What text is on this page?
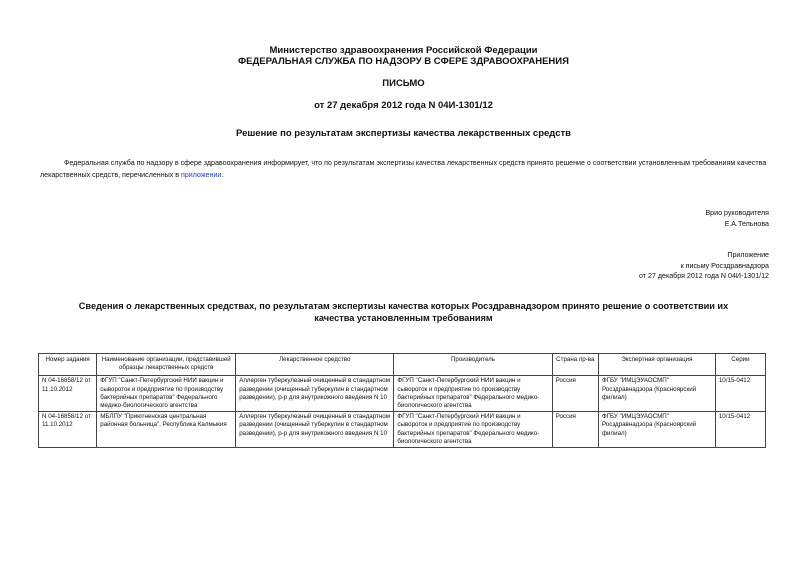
Министерство здравоохранения Российской Федерации
ФЕДЕРАЛЬНАЯ СЛУЖБА ПО НАДЗОРУ В СФЕРЕ ЗДРАВООХРАНЕНИЯ
ПИСЬМО
от 27 декабря 2012 года N 04И-1301/12
Решение по результатам экспертизы качества лекарственных средств
Федеральная служба по надзору в сфере здравоохранения информирует, что по результатам экспертизы качества лекарственных средств принято решение о соответствии установленным требованиям качества лекарственных средств, перечисленных в приложении.
Врио руководителя
Е.А.Тельнова
Приложение
к письму Росздравнадзора
от 27 декабря 2012 года N 04И-1301/12
Сведения о лекарственных средствах, по результатам экспертизы качества которых Росздравнадзором принято решение о соответствии их качества установленным требованиям
Номер задания	Наименование организации, представившей образцы лекарственных средств	Лекарственное средство	Производитель	Страна пр-ва	Экспертная организация	Серии
N 04-16858/12 от 11.10.2012	ФГУП "Санкт-Петербургский НИИ вакцин и сывороток и предприятие по производству бактерийных препаратов" Федерального медико-биологического агентства	Аллерген туберкулезный очищенный в стандартном разведении (очищенный туберкулин в стандартном разведении), р-р для внутрикожного введения N 10	ФГУП "Санкт-Петербургский НИИ вакцин и сывороток и предприятие по производству бактерийных препаратов" Федерального медико-биологического агентства	Россия	ФГБУ "ИМЦЭУАОСМП" Росздравнадзора (Красноярский филиал)	10/15-0412
N 04-16858/12 от 11.10.2012	МБЛПУ "Приютненская центральная районная больница", Республика Калмыкия	Аллерген туберкулезный очищенный в стандартном разведении (очищенный туберкулин в стандартном разведении), р-р для внутрикожного введения N 10	ФГУП "Санкт-Петербургский НИИ вакцин и сывороток и предприятие по производству бактерийных препаратов" Федерального медико-биологического агентства	Россия	ФГБУ "ИМЦЭУАОСМП" Росздравнадзора (Красноярский филиал)	10/15-0412
